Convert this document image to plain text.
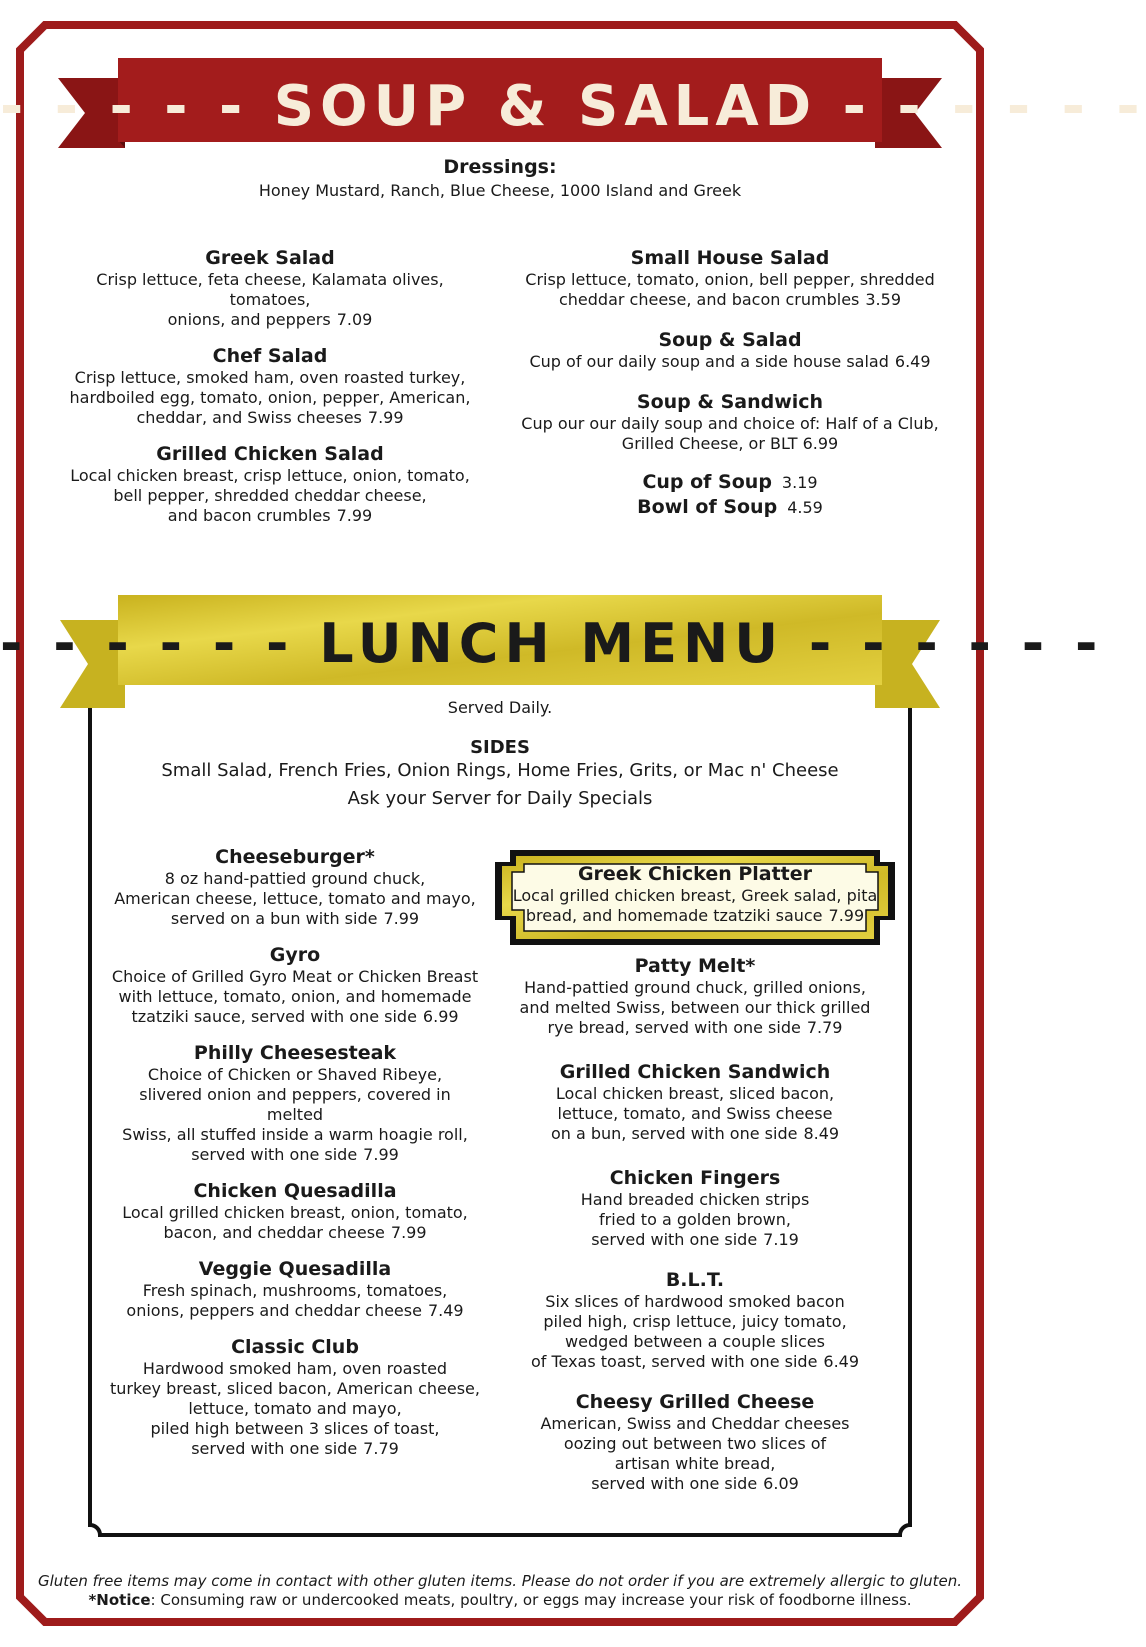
- - - - - SOUP & SALAD - - - - - -
Dressings:
Honey Mustard, Ranch, Blue Cheese, 1000 Island and Greek
Greek Salad
Crisp lettuce, feta cheese, Kalamata olives, tomatoes,
onions, and peppers 7.09
Chef Salad
Crisp lettuce, smoked ham, oven roasted turkey,
hardboiled egg, tomato, onion, pepper, American,
cheddar, and Swiss cheeses 7.99
Grilled Chicken Salad
Local chicken breast, crisp lettuce, onion, tomato,
bell pepper, shredded cheddar cheese,
and bacon crumbles 7.99
Small House Salad
Crisp lettuce, tomato, onion, bell pepper, shredded
cheddar cheese, and bacon crumbles 3.59
Soup & Salad
Cup of our daily soup and a side house salad 6.49
Soup & Sandwich
Cup our our daily soup and choice of: Half of a Club,
Grilled Cheese, or BLT 6.99
Cup of Soup 3.19
Bowl of Soup 4.59
- - - - - - LUNCH MENU - - - - - -
Served Daily.
SIDES
Small Salad, French Fries, Onion Rings, Home Fries, Grits, or Mac n' Cheese
Ask your Server for Daily Specials
Greek Chicken Platter
Local grilled chicken breast, Greek salad, pita
bread, and homemade tzatziki sauce 7.99
Cheeseburger*
8 oz hand-pattied ground chuck,
American cheese, lettuce, tomato and mayo,
served on a bun with side 7.99
Gyro
Choice of Grilled Gyro Meat or Chicken Breast
with lettuce, tomato, onion, and homemade
tzatziki sauce, served with one side 6.99
Philly Cheesesteak
Choice of Chicken or Shaved Ribeye,
slivered onion and peppers, covered in melted
Swiss, all stuffed inside a warm hoagie roll,
served with one side 7.99
Chicken Quesadilla
Local grilled chicken breast, onion, tomato,
bacon, and cheddar cheese 7.99
Veggie Quesadilla
Fresh spinach, mushrooms, tomatoes,
onions, peppers and cheddar cheese 7.49
Classic Club
Hardwood smoked ham, oven roasted
turkey breast, sliced bacon, American cheese,
lettuce, tomato and mayo,
piled high between 3 slices of toast,
served with one side 7.79
Patty Melt*
Hand-pattied ground chuck, grilled onions,
and melted Swiss, between our thick grilled
rye bread, served with one side 7.79
Grilled Chicken Sandwich
Local chicken breast, sliced bacon,
lettuce, tomato, and Swiss cheese
on a bun, served with one side 8.49
Chicken Fingers
Hand breaded chicken strips
fried to a golden brown,
served with one side 7.19
B.L.T.
Six slices of hardwood smoked bacon
piled high, crisp lettuce, juicy tomato,
wedged between a couple slices
of Texas toast, served with one side 6.49
Cheesy Grilled Cheese
American, Swiss and Cheddar cheeses
oozing out between two slices of
artisan white bread,
served with one side 6.09
Gluten free items may come in contact with other gluten items. Please do not order if you are extremely allergic to gluten.
*Notice: Consuming raw or undercooked meats, poultry, or eggs may increase your risk of foodborne illness.
